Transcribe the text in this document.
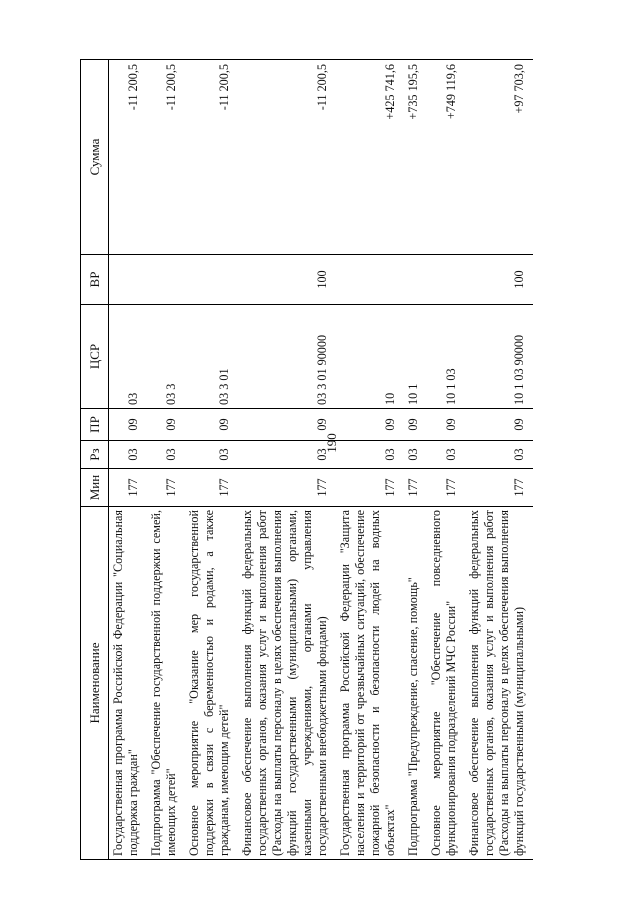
190
Наименование	Мин	Рз	ПР	ЦСР	ВР	Сумма
Государственная программа Российской Федерации "Социальная поддержка граждан"	177	03	09	03		-11 200,5
Подпрограмма "Обеспечение государственной поддержки семей, имеющих детей"	177	03	09	03 3		-11 200,5
Основное мероприятие "Оказание мер государственной поддержки в связи с беременностью и родами, а также гражданам, имеющим детей"	177	03	09	03 3 01		-11 200,5
Финансовое обеспечение выполнения функций федеральных государственных органов, оказания услуг и выполнения работ (Расходы на выплаты персоналу в целях обеспечения выполнения функций государственными (муниципальными) органами, казенными учреждениями, органами управления государственными внебюджетными фондами)	177	03	09	03 3 01 90000	100	-11 200,5
Государственная программа Российской Федерации "Защита населения и территорий от чрезвычайных ситуаций, обеспечение пожарной безопасности и безопасности людей на водных объектах"	177	03	09	10		+425 741,6
Подпрограмма "Предупреждение, спасение, помощь"	177	03	09	10 1		+735 195,5
Основное мероприятие "Обеспечение повседневного функционирования подразделений МЧС России"	177	03	09	10 1 03		+749 119,6
Финансовое обеспечение выполнения функций федеральных государственных органов, оказания услуг и выполнения работ (Расходы на выплаты персоналу в целях обеспечения выполнения функций государственными (муниципальными)	177	03	09	10 1 03 90000	100	+97 703,0
